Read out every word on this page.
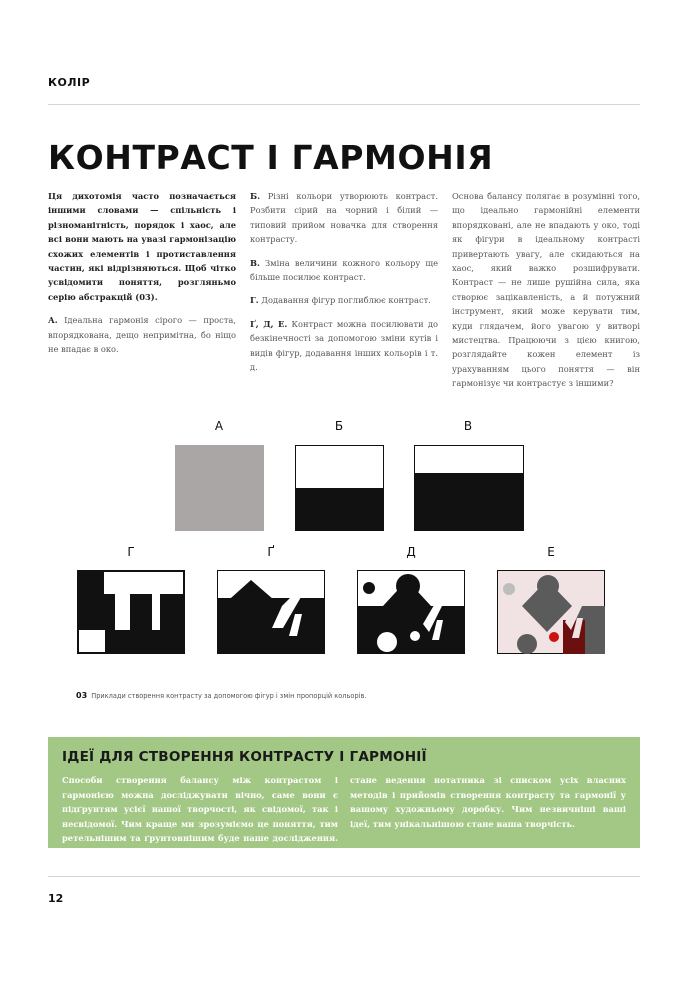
КОЛІР
КОНТРАСТ І ГАРМОНІЯ

Ця дихотомія часто позначається іншими словами — спільність і різноманітність, порядок і хаос, але всі вони мають на увазі гармонізацію схожих елементів і протиставлення частин, які відрізняються. Щоб чітко усвідомити поняття, розгляньмо серію абстракцій (03).

А. Ідеальна гармонія сірого — проста, впорядкована, дещо непримітна, бо ніщо не впадає в око.

Б. Різні кольори утворюють контраст. Розбити сірий на чорний і білий — типовий прийом новачка для створення контрасту.

В. Зміна величини кожного кольору ще більше посилює контраст.

Г. Додавання фігур поглиблює контраст.

Ґ, Д, Е. Контраст можна посилювати до безкінечності за допомогою зміни кутів і видів фігур, додавання інших кольорів і т. д.

Основа балансу полягає в розумінні того, що ідеально гармонійні елементи впорядковані, але не впадають у око, тоді як фігури в ідеальному контрасті привертають увагу, але скидаються на хаос, який важко розшифрувати. Контраст — не лише рушійна сила, яка створює зацікавленість, а й потужний інструмент, який може керувати тим, куди глядачем, його увагою у витворі мистецтва. Працюючи з цією книгою, розглядайте кожен елемент із урахуванням цього поняття — він гармонізує чи контрастує з іншими?

А	Б	В
Г	Ґ	Д	Е
03 Приклади створення контрасту за допомогою фігур і змін пропорцій кольорів.
ІДЕЇ ДЛЯ СТВОРЕННЯ КОНТРАСТУ І ГАРМОНІЇ
Способи створення балансу між контрастом і гармонією можна досліджувати вічно, саме вони є підґрунтям усієї нашої творчості, як свідомої, так і несвідомої. Чим краще ми зрозуміємо це поняття, тим ретельнішим та ґрунтовнішим буде наше дослідження. Чудовою звичкою
стане ведення нотатника зі списком усіх власних методів і прийомів створення контрасту та гармонії у вашому художньому доробку. Чим незвичніші ваші ідеї, тим унікальнішою стане ваша творчість.
12
